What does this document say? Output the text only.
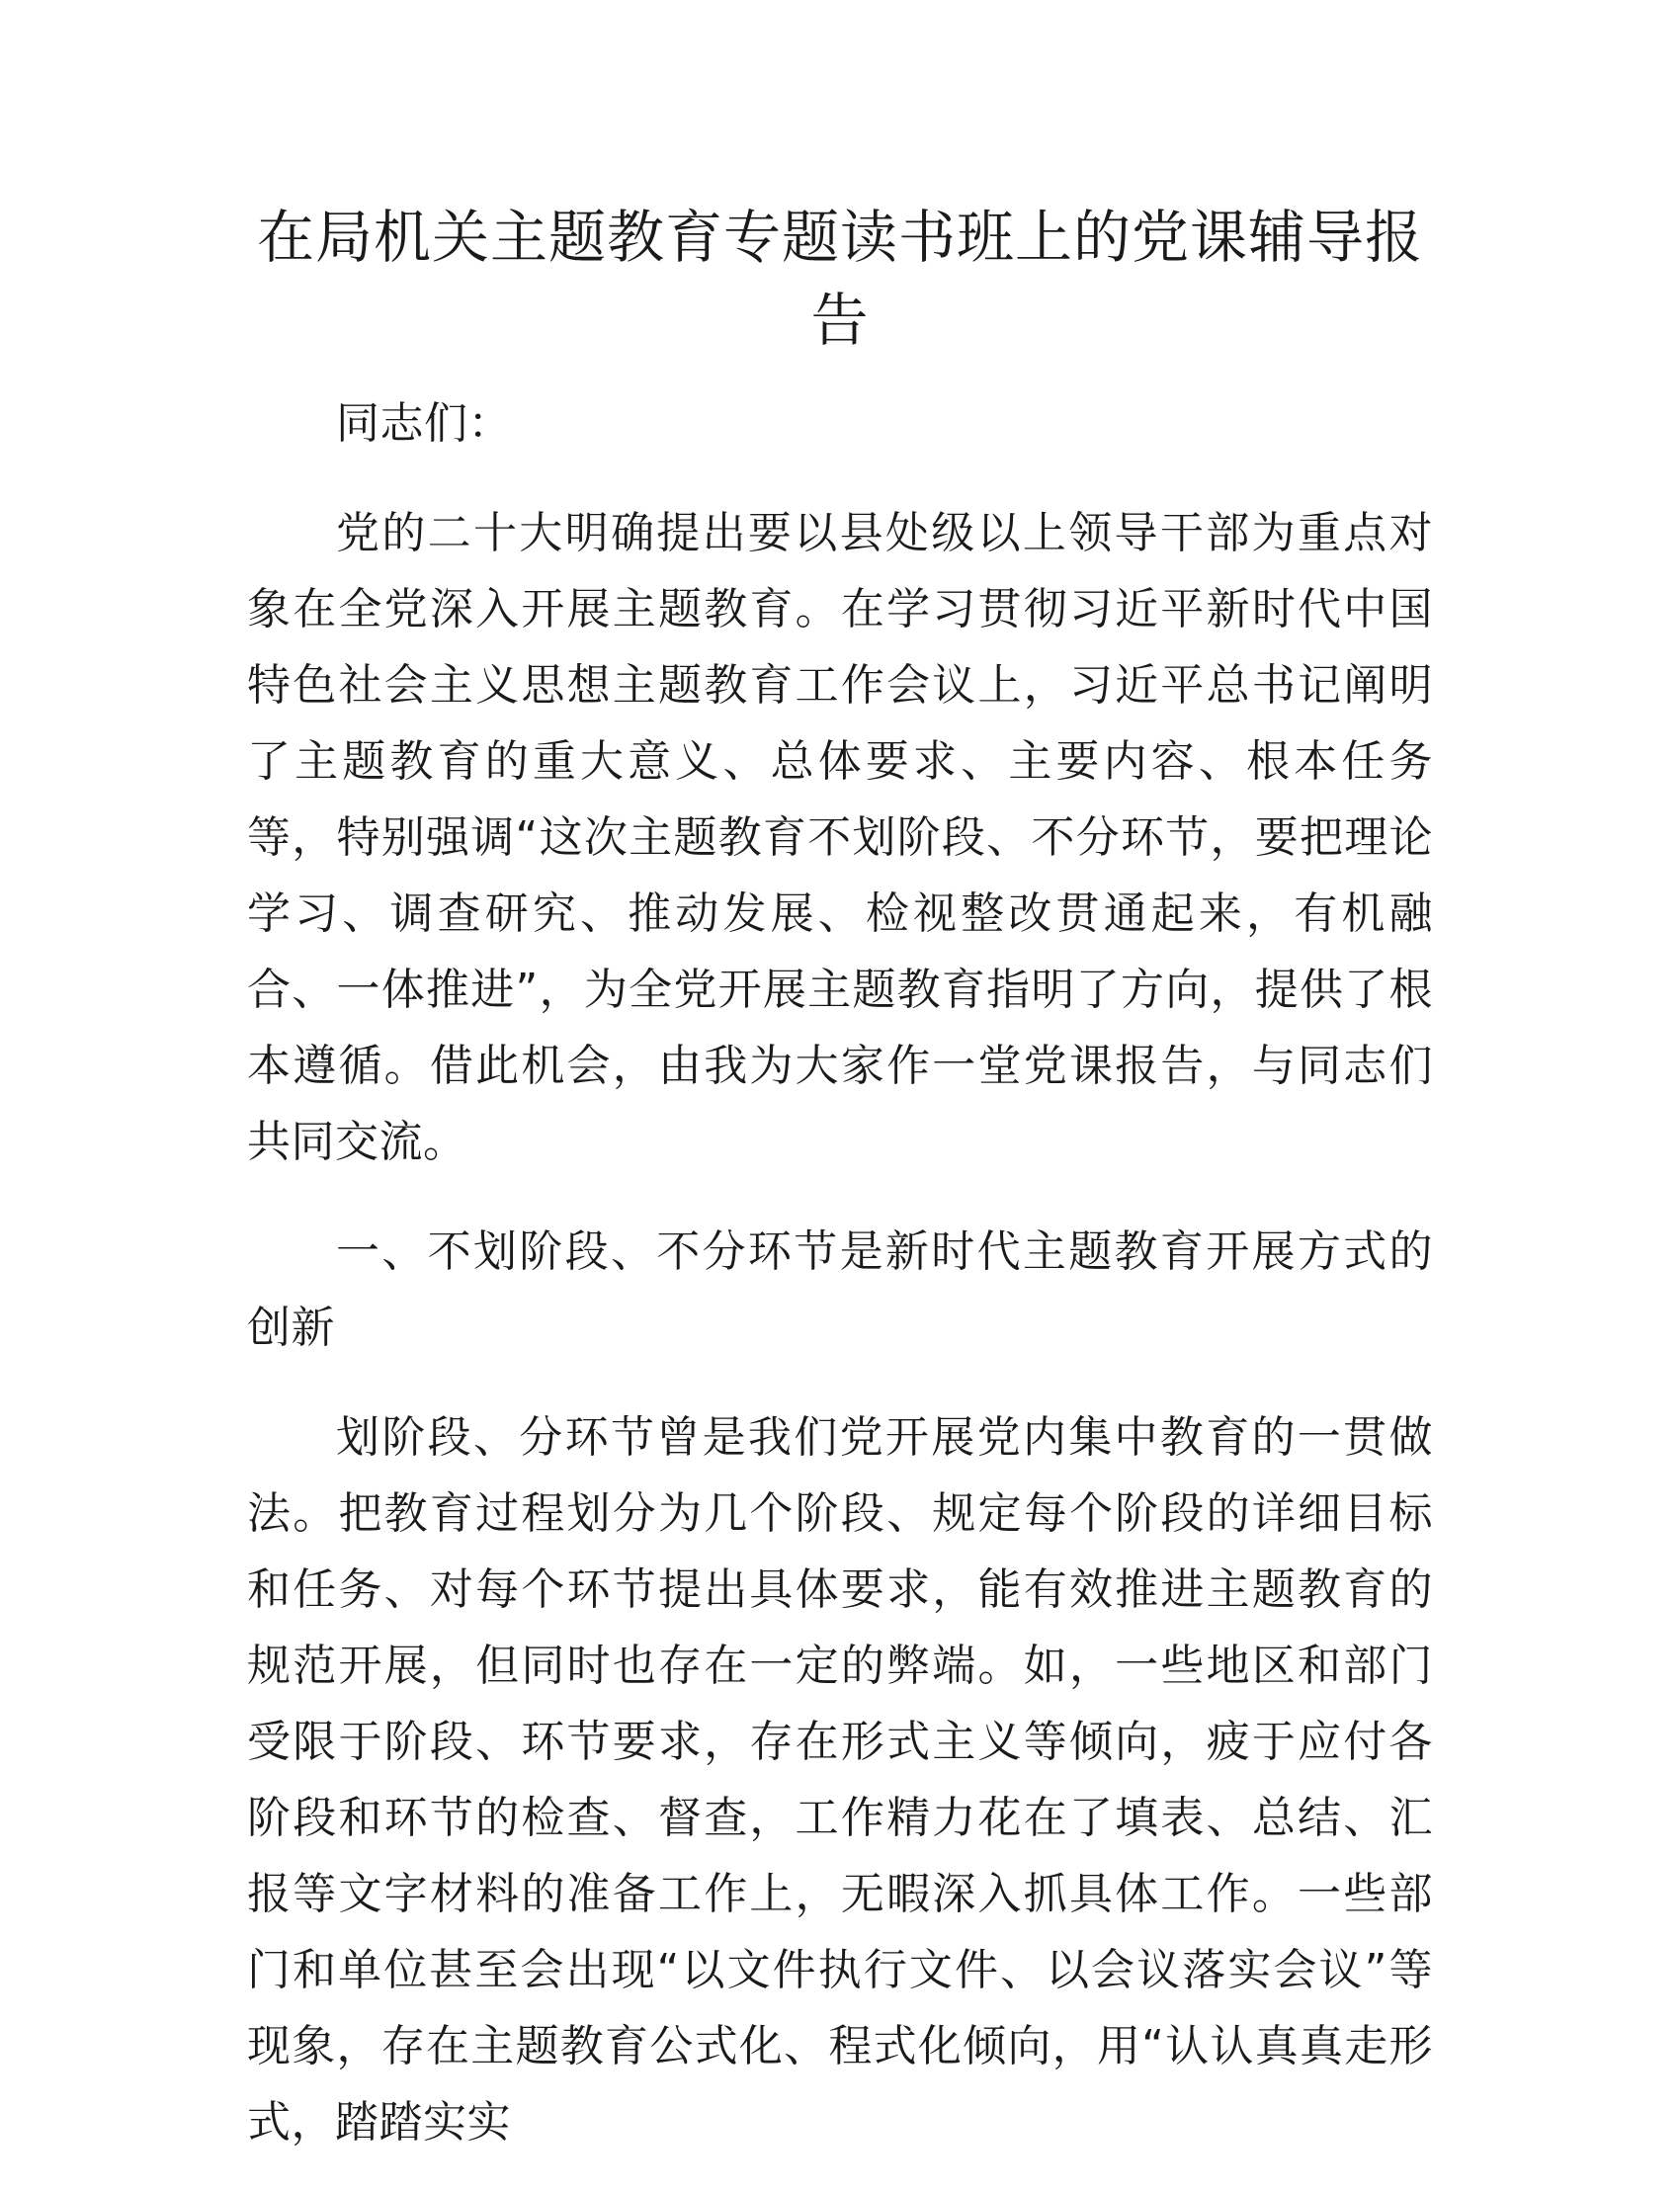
在局机关主题教育专题读书班上的党课辅导报告

同志们：

党的二十大明确提出要以县处级以上领导干部为重点对象在全党深入开展主题教育。在学习贯彻习近平新时代中国特色社会主义思想主题教育工作会议上，习近平总书记阐明了主题教育的重大意义、总体要求、主要内容、根本任务等，特别强调“这次主题教育不划阶段、不分环节，要把理论学习、调查研究、推动发展、检视整改贯通起来，有机融合、一体推进”，为全党开展主题教育指明了方向，提供了根本遵循。借此机会，由我为大家作一堂党课报告，与同志们共同交流。

一、不划阶段、不分环节是新时代主题教育开展方式的创新

划阶段、分环节曾是我们党开展党内集中教育的一贯做法。把教育过程划分为几个阶段、规定每个阶段的详细目标和任务、对每个环节提出具体要求，能有效推进主题教育的规范开展，但同时也存在一定的弊端。如，一些地区和部门受限于阶段、环节要求，存在形式主义等倾向，疲于应付各阶段和环节的检查、督查，工作精力花在了填表、总结、汇报等文字材料的准备工作上，无暇深入抓具体工作。一些部门和单位甚至会出现“以文件执行文件、以会议落实会议”等现象，存在主题教育公式化、程式化倾向，用“认认真真走形式，踏踏实实
